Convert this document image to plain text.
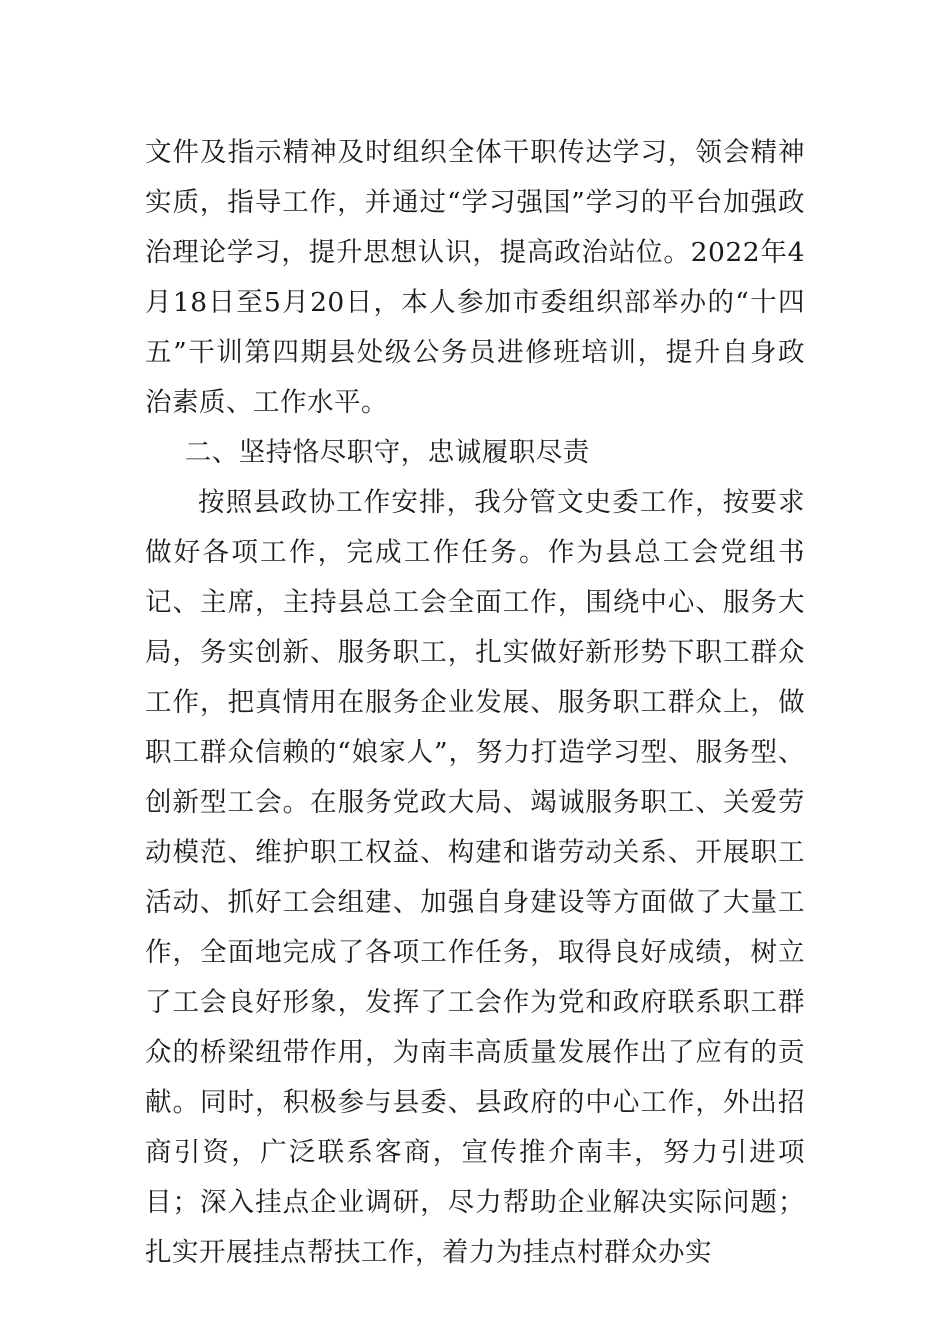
文件及指示精神及时组织全体干职传达学习，领会精神实质，指导工作，并通过“学习强国”学习的平台加强政治理论学习，提升思想认识，提高政治站位。2022年4月18日至5月20日，本人参加市委组织部举办的“十四五”干训第四期县处级公务员进修班培训，提升自身政治素质、工作水平。

二、坚持恪尽职守，忠诚履职尽责

按照县政协工作安排，我分管文史委工作，按要求做好各项工作，完成工作任务。作为县总工会党组书记、主席，主持县总工会全面工作，围绕中心、服务大局，务实创新、服务职工，扎实做好新形势下职工群众工作，把真情用在服务企业发展、服务职工群众上，做职工群众信赖的“娘家人”，努力打造学习型、服务型、创新型工会。在服务党政大局、竭诚服务职工、关爱劳动模范、维护职工权益、构建和谐劳动关系、开展职工活动、抓好工会组建、加强自身建设等方面做了大量工作，全面地完成了各项工作任务，取得良好成绩，树立了工会良好形象，发挥了工会作为党和政府联系职工群众的桥梁纽带作用，为南丰高质量发展作出了应有的贡献。同时，积极参与县委、县政府的中心工作，外出招商引资，广泛联系客商，宣传推介南丰，努力引进项目；深入挂点企业调研，尽力帮助企业解决实际问题；扎实开展挂点帮扶工作，着力为挂点村群众办实
